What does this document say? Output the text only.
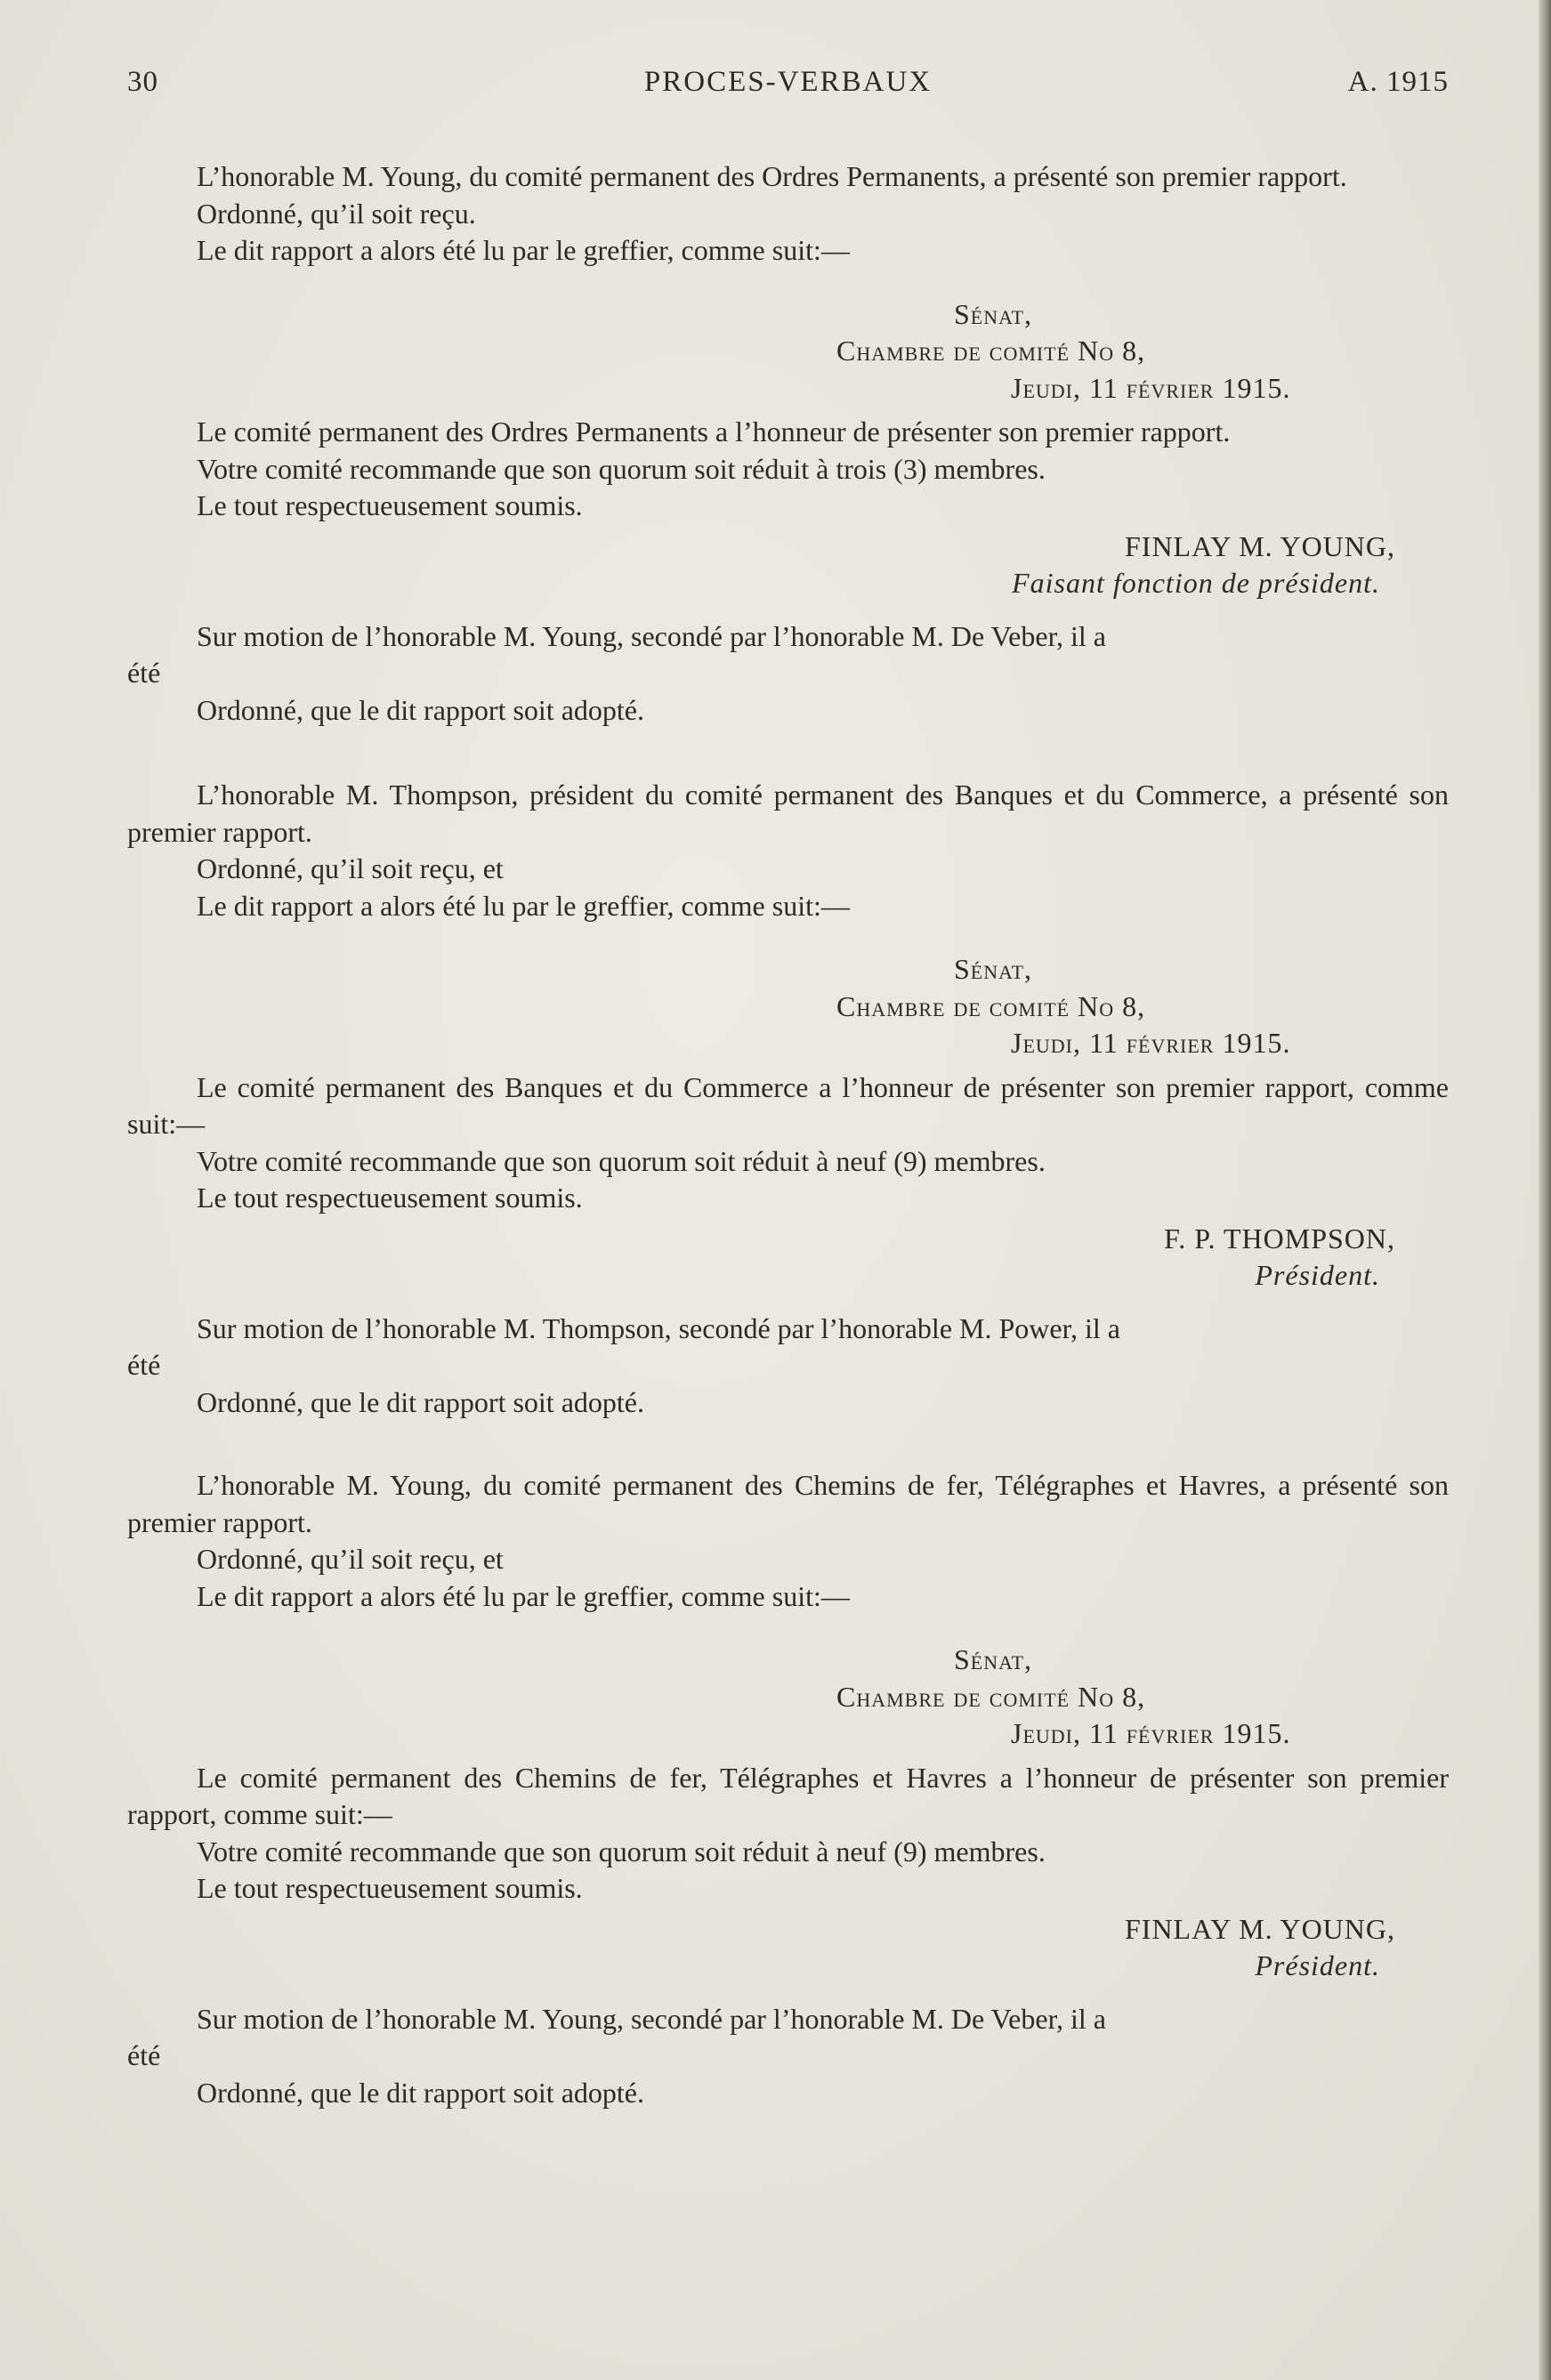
30	PROCES-VERBAUX	A. 1915

L’honorable M. Young, du comité permanent des Ordres Permanents, a présenté son premier rapport.

Ordonné, qu’il soit reçu.

Le dit rapport a alors été lu par le greffier, comme suit:—

Sénat,
Chambre de comité No 8,
Jeudi, 11 février 1915.

Le comité permanent des Ordres Permanents a l’honneur de présenter son premier rapport.

Votre comité recommande que son quorum soit réduit à trois (3) membres.

Le tout respectueusement soumis.

FINLAY M. YOUNG,
Faisant fonction de président.

Sur motion de l’honorable M. Young, secondé par l’honorable M. De Veber, il a

été

Ordonné, que le dit rapport soit adopté.

L’honorable M. Thompson, président du comité permanent des Banques et du Commerce, a présenté son premier rapport.

Ordonné, qu’il soit reçu, et

Le dit rapport a alors été lu par le greffier, comme suit:—

Sénat,
Chambre de comité No 8,
Jeudi, 11 février 1915.

Le comité permanent des Banques et du Commerce a l’honneur de présenter son premier rapport, comme suit:—

Votre comité recommande que son quorum soit réduit à neuf (9) membres.

Le tout respectueusement soumis.

F. P. THOMPSON,
Président.

Sur motion de l’honorable M. Thompson, secondé par l’honorable M. Power, il a

été

Ordonné, que le dit rapport soit adopté.

L’honorable M. Young, du comité permanent des Chemins de fer, Télégraphes et Havres, a présenté son premier rapport.

Ordonné, qu’il soit reçu, et

Le dit rapport a alors été lu par le greffier, comme suit:—

Sénat,
Chambre de comité No 8,
Jeudi, 11 février 1915.

Le comité permanent des Chemins de fer, Télégraphes et Havres a l’honneur de présenter son premier rapport, comme suit:—

Votre comité recommande que son quorum soit réduit à neuf (9) membres.

Le tout respectueusement soumis.

FINLAY M. YOUNG,
Président.

Sur motion de l’honorable M. Young, secondé par l’honorable M. De Veber, il a

été

Ordonné, que le dit rapport soit adopté.
